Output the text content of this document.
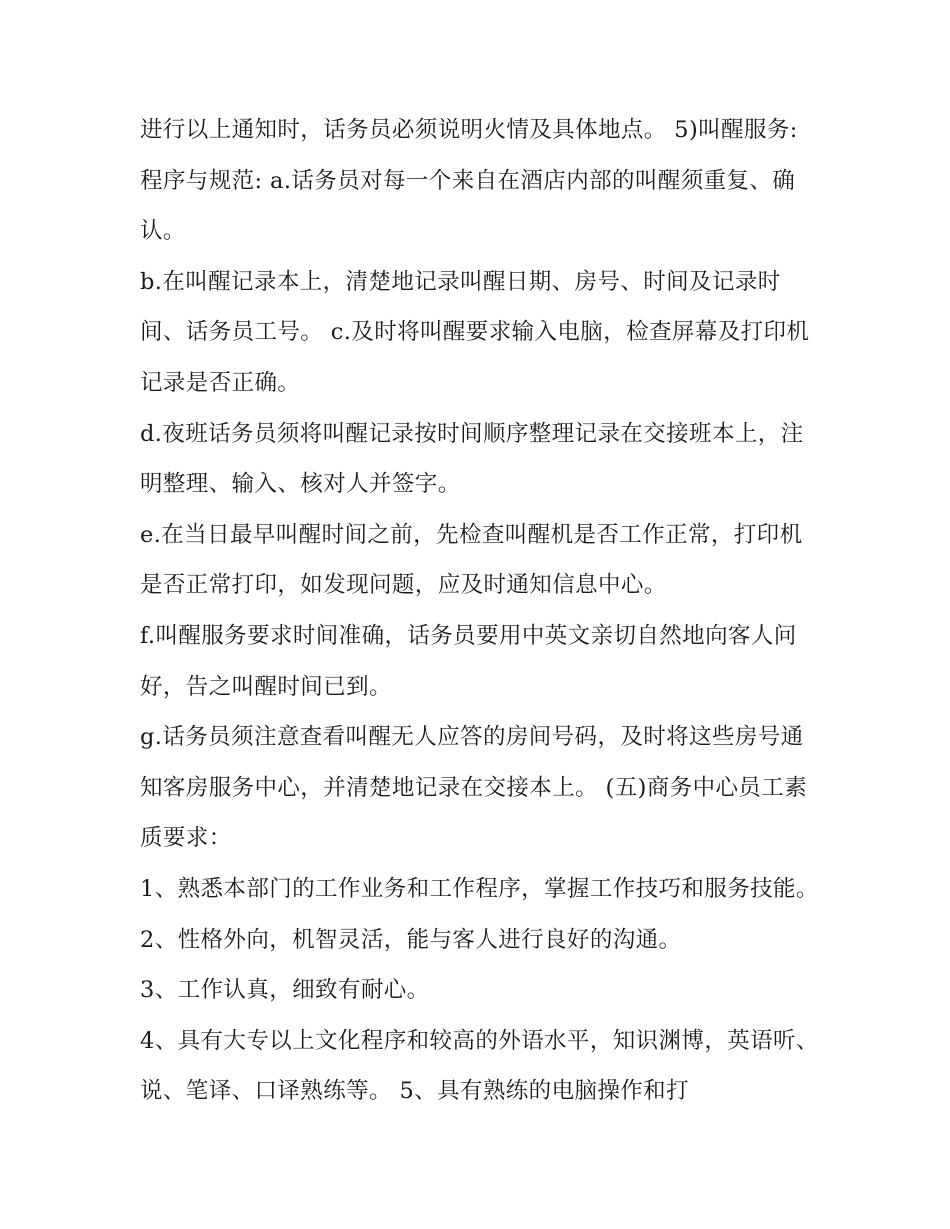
进行以上通知时，话务员必须说明火情及具体地点。 5)叫醒服务: 程序与规范: a.话务员对每一个来自在酒店内部的叫醒须重复、确认。

b.在叫醒记录本上，清楚地记录叫醒日期、房号、时间及记录时间、话务员工号。 c.及时将叫醒要求输入电脑，检查屏幕及打印机记录是否正确。

d.夜班话务员须将叫醒记录按时间顺序整理记录在交接班本上，注明整理、输入、核对人并签字。

e.在当日最早叫醒时间之前，先检查叫醒机是否工作正常，打印机是否正常打印，如发现问题，应及时通知信息中心。

f.叫醒服务要求时间准确，话务员要用中英文亲切自然地向客人问好，告之叫醒时间已到。

g.话务员须注意查看叫醒无人应答的房间号码，及时将这些房号通知客房服务中心，并清楚地记录在交接本上。 (五)商务中心员工素质要求：

1、熟悉本部门的工作业务和工作程序，掌握工作技巧和服务技能。 2、性格外向，机智灵活，能与客人进行良好的沟通。

3、工作认真，细致有耐心。

4、具有大专以上文化程序和较高的外语水平，知识渊博，英语听、说、笔译、口译熟练等。 5、具有熟练的电脑操作和打
